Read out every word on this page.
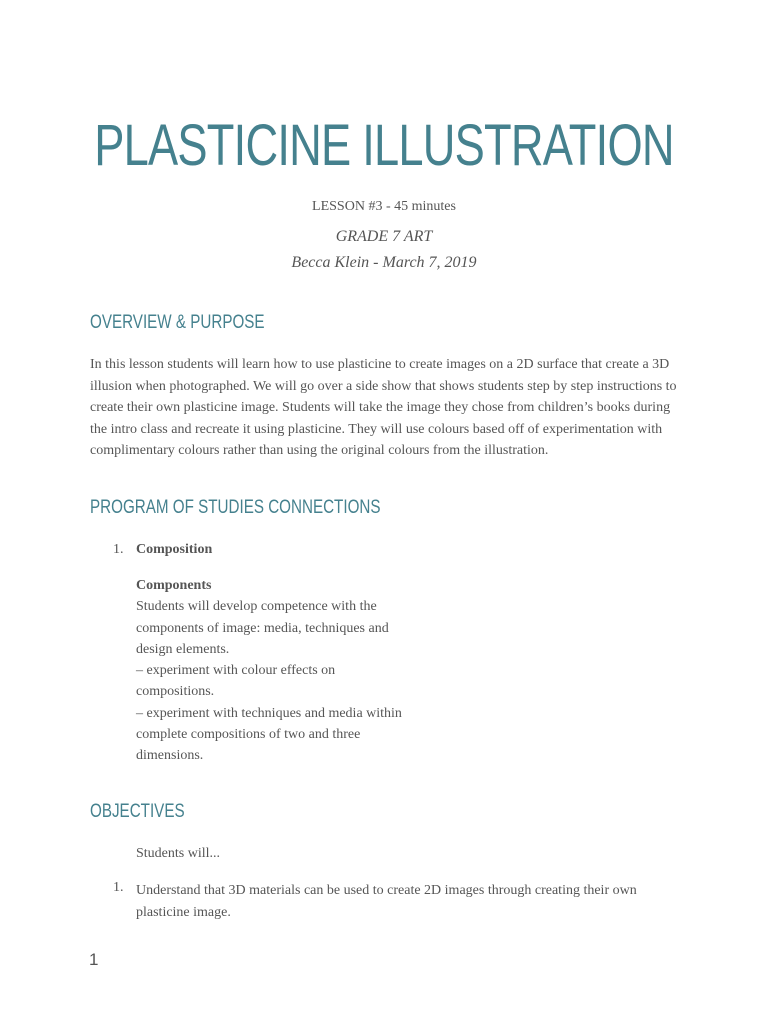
PLASTICINE ILLUSTRATION
LESSON #3 - 45 minutes
GRADE 7 ART
Becca Klein - March 7, 2019
OVERVIEW & PURPOSE

In this lesson students will learn how to use plasticine to create images on a 2D surface that create a 3D illusion when photographed. We will go over a side show that shows students step by step instructions to create their own plasticine image. Students will take the image they chose from children’s books during the intro class and recreate it using plasticine. They will use colours based off of experimentation with complimentary colours rather than using the original colours from the illustration.

PROGRAM OF STUDIES CONNECTIONS
1. Composition
Components
Students will develop competence with the
components of image: media, techniques and
design elements.
– experiment with colour effects on
compositions.
– experiment with techniques and media within
complete compositions of two and three
dimensions.
OBJECTIVES
Students will...
1. Understand that 3D materials can be used to create 2D images through creating their own plasticine image.
1
